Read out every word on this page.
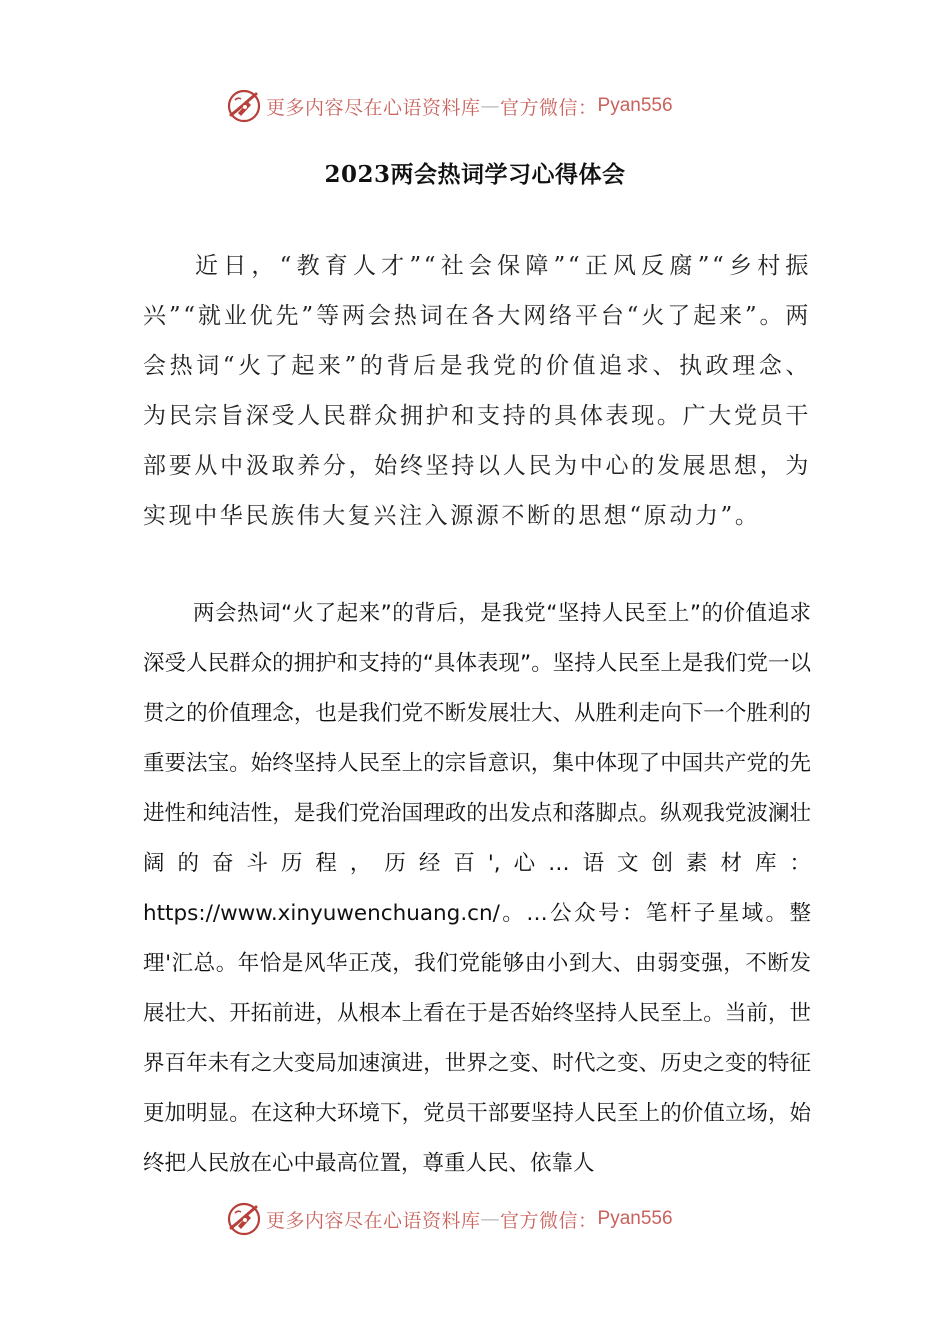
更多内容尽在心语资料库 — 官方微信： Pyan556
2023两会热词学习心得体会

近日，“教育人才”“社会保障”“正风反腐”“乡村振兴”“就业优先”等两会热词在各大网络平台“火了起来”。两会热词“火了起来”的背后是我党的价值追求、执政理念、为民宗旨深受人民群众拥护和支持的具体表现。广大党员干部要从中汲取养分，始终坚持以人民为中心的发展思想，为实现中华民族伟大复兴注入源源不断的思想“原动力”。

两会热词“火了起来”的背后，是我党“坚持人民至上”的价值追求深受人民群众的拥护和支持的“具体表现”。坚持人民至上是我们党一以贯之的价值理念，也是我们党不断发展壮大、从胜利走向下一个胜利的重要法宝。始终坚持人民至上的宗旨意识，集中体现了中国共产党的先进性和纯洁性，是我们党治国理政的出发点和落脚点。纵观我党波澜壮阔的奋斗历程，历经百',心…语文创素材库：https://www.xinyuwenchuang.cn/。…公众号：笔杆子星域。整理'汇总。年恰是风华正茂，我们党能够由小到大、由弱变强，不断发展壮大、开拓前进，从根本上看在于是否始终坚持人民至上。当前，世界百年未有之大变局加速演进，世界之变、时代之变、历史之变的特征更加明显。在这种大环境下，党员干部要坚持人民至上的价值立场，始终把人民放在心中最高位置，尊重人民、依靠人

更多内容尽在心语资料库 — 官方微信： Pyan556
